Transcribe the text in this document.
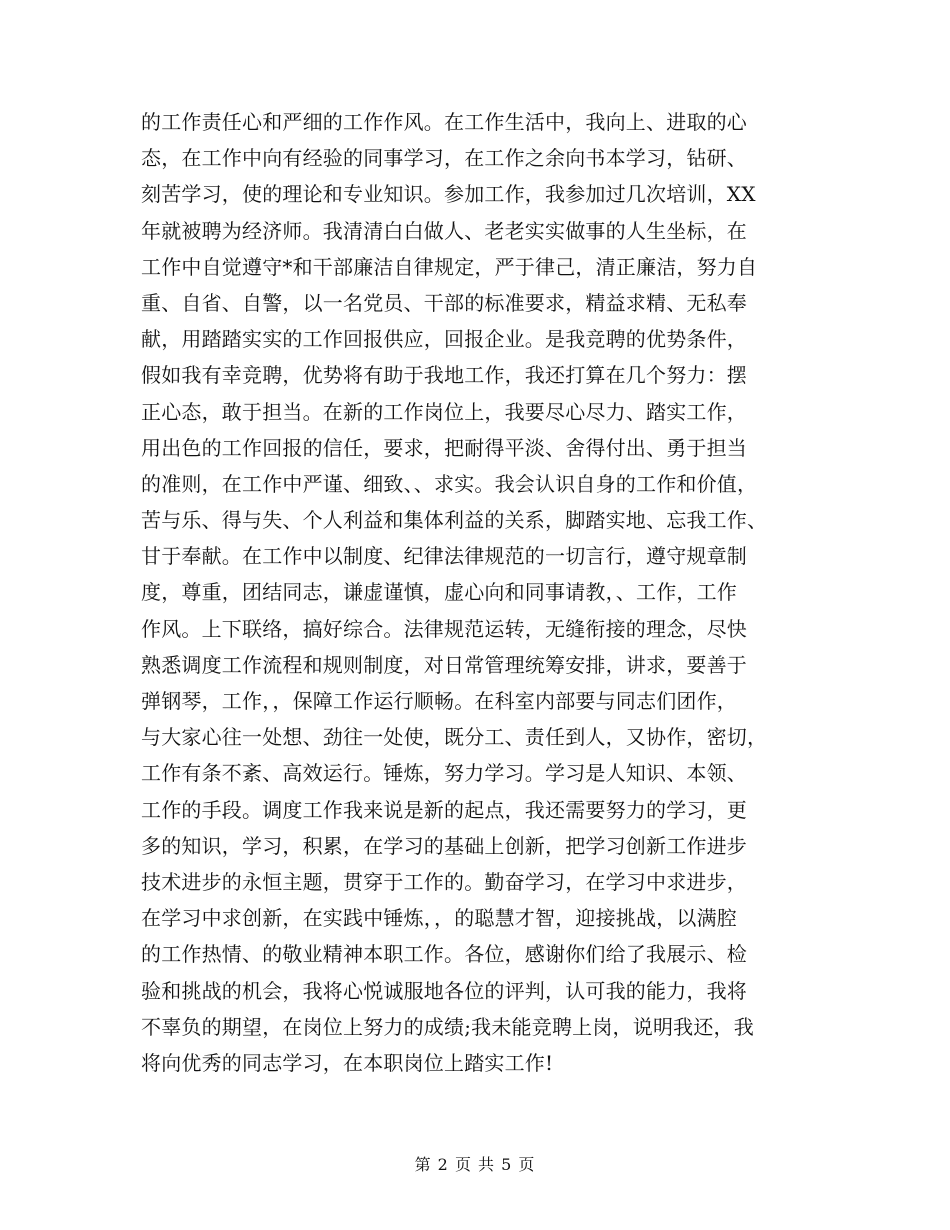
的工作责任心和严细的工作作风。在工作生活中，我向上、进取的心
态，在工作中向有经验的同事学习，在工作之余向书本学习，钻研、
刻苦学习，使的理论和专业知识。参加工作，我参加过几次培训，XX
年就被聘为经济师。我清清白白做人、老老实实做事的人生坐标，在
工作中自觉遵守*和干部廉洁自律规定，严于律己，清正廉洁，努力自
重、自省、自警，以一名党员、干部的标准要求，精益求精、无私奉
献，用踏踏实实的工作回报供应，回报企业。是我竞聘的优势条件，
假如我有幸竞聘，优势将有助于我地工作，我还打算在几个努力：摆
正心态，敢于担当。在新的工作岗位上，我要尽心尽力、踏实工作，
用出色的工作回报的信任，要求，把耐得平淡、舍得付出、勇于担当
的准则，在工作中严谨、细致、、求实。我会认识自身的工作和价值，
苦与乐、得与失、个人利益和集体利益的关系，脚踏实地、忘我工作、
甘于奉献。在工作中以制度、纪律法律规范的一切言行，遵守规章制
度，尊重，团结同志，谦虚谨慎，虚心向和同事请教，、工作，工作
作风。上下联络，搞好综合。法律规范运转，无缝衔接的理念，尽快
熟悉调度工作流程和规则制度，对日常管理统筹安排，讲求，要善于
弹钢琴，工作，，保障工作运行顺畅。在科室内部要与同志们团作，
与大家心往一处想、劲往一处使，既分工、责任到人，又协作，密切，
工作有条不紊、高效运行。锤炼，努力学习。学习是人知识、本领、
工作的手段。调度工作我来说是新的起点，我还需要努力的学习，更
多的知识，学习，积累，在学习的基础上创新，把学习创新工作进步
技术进步的永恒主题，贯穿于工作的。勤奋学习，在学习中求进步，
在学习中求创新，在实践中锤炼，，的聪慧才智，迎接挑战，以满腔
的工作热情、的敬业精神本职工作。各位，感谢你们给了我展示、检
验和挑战的机会，我将心悦诚服地各位的评判，认可我的能力，我将
不辜负的期望，在岗位上努力的成绩;我未能竞聘上岗，说明我还，我
将向优秀的同志学习，在本职岗位上踏实工作!
第 2 页 共 5 页
